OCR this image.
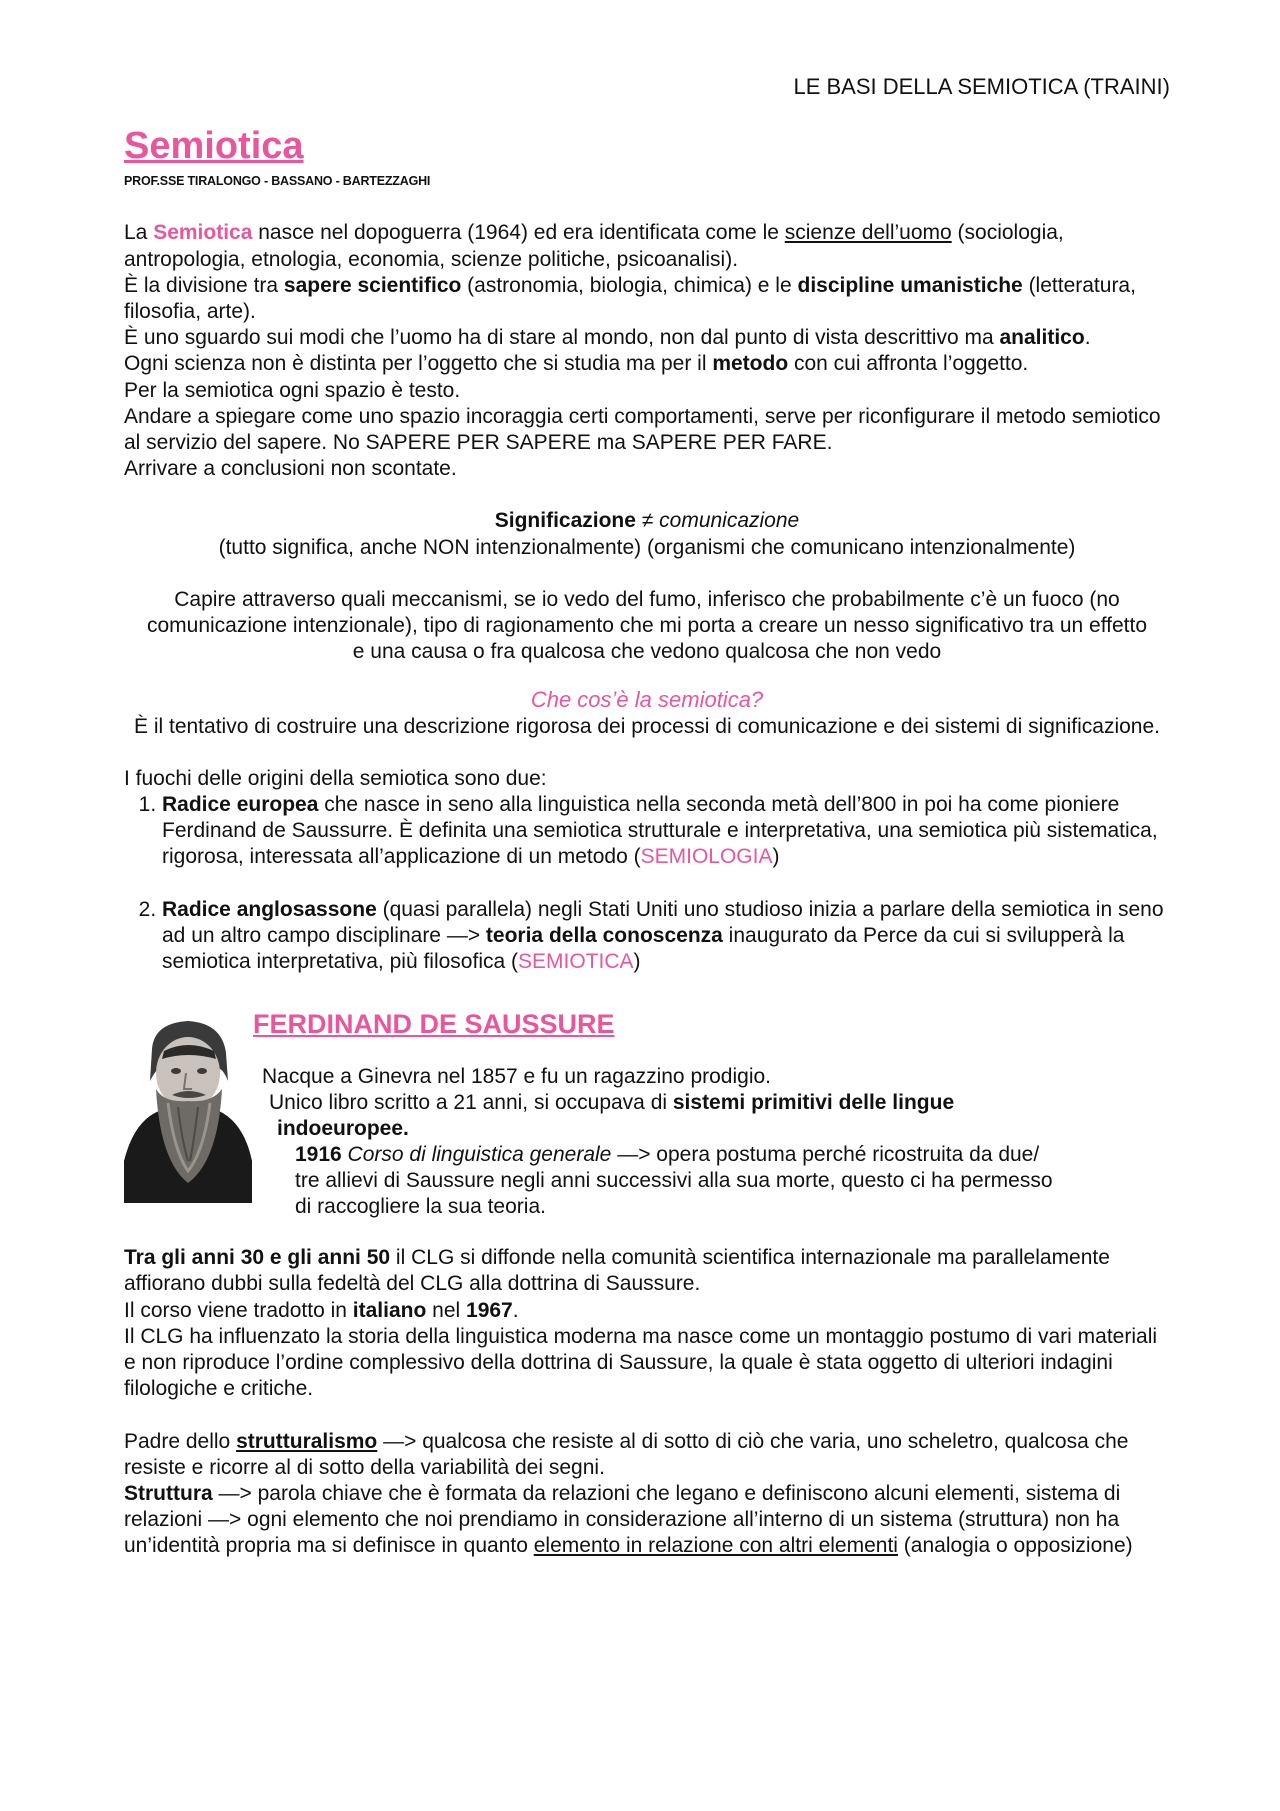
LE BASI DELLA SEMIOTICA (TRAINI)
Semiotica
PROF.SSE TIRALONGO - BASSANO - BARTEZZAGHI

La Semiotica nasce nel dopoguerra (1964) ed era identificata come le scienze dell’uomo (sociologia, antropologia, etnologia, economia, scienze politiche, psicoanalisi).

È la divisione tra sapere scientifico (astronomia, biologia, chimica) e le discipline umanistiche (letteratura, filosofia, arte).

È uno sguardo sui modi che l’uomo ha di stare al mondo, non dal punto di vista descrittivo ma analitico.

Ogni scienza non è distinta per l’oggetto che si studia ma per il metodo con cui affronta l’oggetto.

Per la semiotica ogni spazio è testo.

Andare a spiegare come uno spazio incoraggia certi comportamenti, serve per riconfigurare il metodo semiotico al servizio del sapere. No SAPERE PER SAPERE ma SAPERE PER FARE.

Arrivare a conclusioni non scontate.

Significazione ≠ comunicazione

(tutto significa, anche NON intenzionalmente) (organismi che comunicano intenzionalmente)

Capire attraverso quali meccanismi, se io vedo del fumo, inferisco che probabilmente c’è un fuoco (no comunicazione intenzionale), tipo di ragionamento che mi porta a creare un nesso significativo tra un effetto e una causa o fra qualcosa che vedono qualcosa che non vedo

Che cos’è la semiotica?

È il tentativo di costruire una descrizione rigorosa dei processi di comunicazione e dei sistemi di significazione.

I fuochi delle origini della semiotica sono due:

1. Radice europea che nasce in seno alla linguistica nella seconda metà dell’800 in poi ha come pioniere Ferdinand de Saussurre. È definita una semiotica strutturale e interpretativa, una semiotica più sistematica, rigorosa, interessata all’applicazione di un metodo (SEMIOLOGIA)
2. Radice anglosassone (quasi parallela) negli Stati Uniti uno studioso inizia a parlare della semiotica in seno ad un altro campo disciplinare —> teoria della conoscenza inaugurato da Perce da cui si svilupperà la semiotica interpretativa, più filosofica (SEMIOTICA)
FERDINAND DE SAUSSURE
Nacque a Ginevra nel 1857 e fu un ragazzino prodigio.
Unico libro scritto a 21 anni, si occupava di sistemi primitivi delle lingue
indoeuropee.
1916 Corso di linguistica generale —> opera postuma perché ricostruita da due/
tre allievi di Saussure negli anni successivi alla sua morte, questo ci ha permesso
di raccogliere la sua teoria.

Tra gli anni 30 e gli anni 50 il CLG si diffonde nella comunità scientifica internazionale ma parallelamente affiorano dubbi sulla fedeltà del CLG alla dottrina di Saussure.

Il corso viene tradotto in italiano nel 1967.

Il CLG ha influenzato la storia della linguistica moderna ma nasce come un montaggio postumo di vari materiali e non riproduce l’ordine complessivo della dottrina di Saussure, la quale è stata oggetto di ulteriori indagini filologiche e critiche.

Padre dello strutturalismo —> qualcosa che resiste al di sotto di ciò che varia, uno scheletro, qualcosa che resiste e ricorre al di sotto della variabilità dei segni.

Struttura —> parola chiave che è formata da relazioni che legano e definiscono alcuni elementi, sistema di relazioni —> ogni elemento che noi prendiamo in considerazione all’interno di un sistema (struttura) non ha un’identità propria ma si definisce in quanto elemento in relazione con altri elementi (analogia o opposizione)
